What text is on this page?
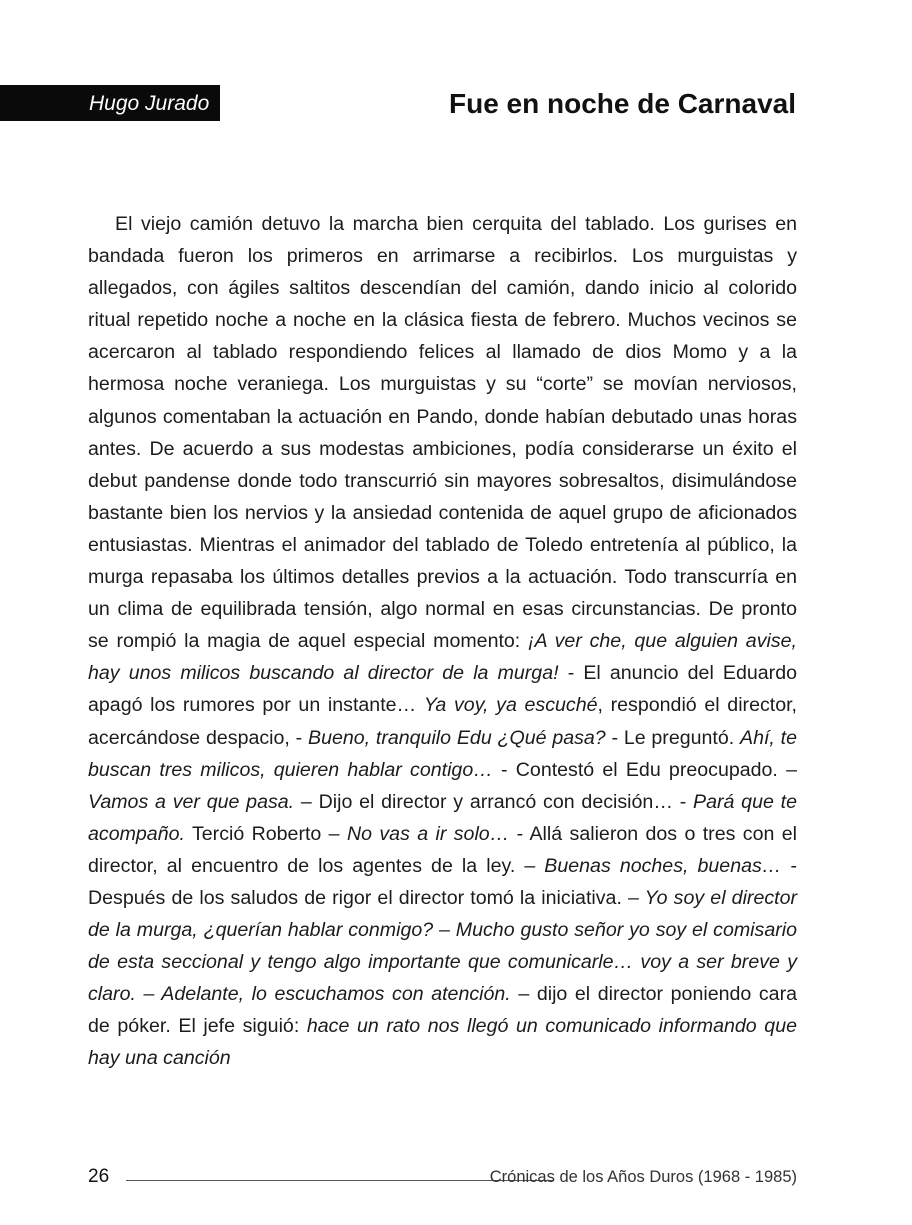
Hugo Jurado	Fue en noche de Carnaval

El viejo camión detuvo la marcha bien cerquita del tablado. Los gurises en bandada fueron los primeros en arrimarse a recibirlos. Los murguistas y allegados, con ágiles saltitos descendían del camión, dando inicio al colorido ritual repetido noche a noche en la clásica fiesta de febrero. Muchos vecinos se acercaron al tablado respondiendo felices al llamado de dios Momo y a la hermosa noche veraniega. Los murguistas y su “corte” se movían nerviosos, algunos comentaban la actuación en Pando, donde habían debutado unas horas antes. De acuerdo a sus modestas ambiciones, podía considerarse un éxito el debut pandense donde todo transcurrió sin mayores sobresaltos, disimulándose bastante bien los nervios y la ansiedad contenida de aquel grupo de aficionados entusiastas. Mientras el animador del tablado de Toledo entretenía al público, la murga repasaba los últimos detalles previos a la actuación. Todo transcurría en un clima de equilibrada tensión, algo normal en esas circunstancias. De pronto se rompió la magia de aquel especial momento: ¡A ver che, que alguien avise, hay unos milicos buscando al director de la murga! - El anuncio del Eduardo apagó los rumores por un instante… Ya voy, ya escuché, respondió el director, acercándose despacio, - Bueno, tranquilo Edu ¿Qué pasa? - Le preguntó. Ahí, te buscan tres milicos, quieren hablar contigo… - Contestó el Edu preocupado. – Vamos a ver que pasa. – Dijo el director y arrancó con decisión… - Pará que te acompaño. Terció Roberto – No vas a ir solo… - Allá salieron dos o tres con el director, al encuentro de los agentes de la ley. – Buenas noches, buenas… - Después de los saludos de rigor el director tomó la iniciativa. – Yo soy el director de la murga, ¿querían hablar conmigo? – Mucho gusto señor yo soy el comisario de esta seccional y tengo algo importante que comunicarle… voy a ser breve y claro. – Adelante, lo escuchamos con atención. – dijo el director poniendo cara de póker. El jefe siguió: hace un rato nos llegó un comunicado informando que hay una canción

26	Crónicas de los Años Duros (1968 - 1985)
